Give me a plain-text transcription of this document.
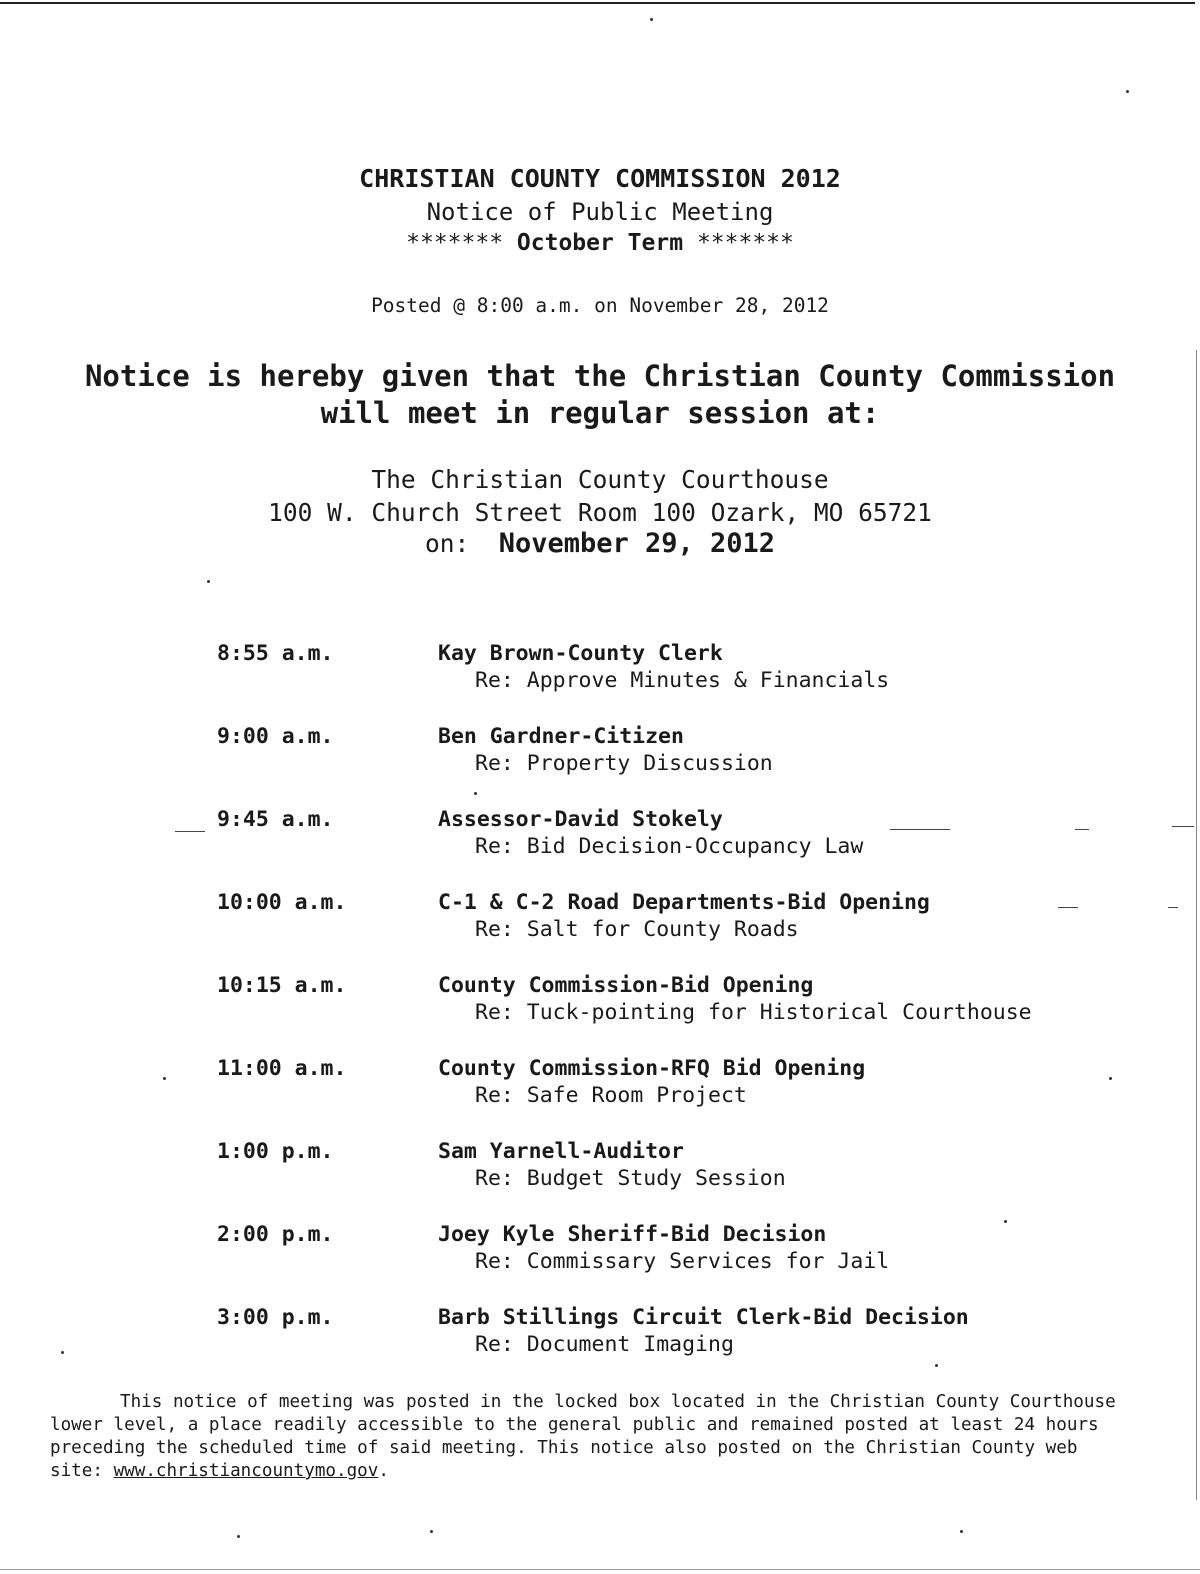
CHRISTIAN COUNTY COMMISSION 2012
Notice of Public Meeting
******* October Term *******
Posted @ 8:00 a.m. on November 28, 2012
Notice is hereby given that the Christian County Commission
will meet in regular session at:
The Christian County Courthouse
100 W. Church Street Room 100 Ozark, MO 65721
on: November 29, 2012
8:55 a.m.	Kay Brown-County Clerk
Re: Approve Minutes & Financials
9:00 a.m.	Ben Gardner-Citizen
Re: Property Discussion
9:45 a.m.	Assessor-David Stokely
Re: Bid Decision-Occupancy Law
10:00 a.m.	C-1 & C-2 Road Departments-Bid Opening
Re: Salt for County Roads
10:15 a.m.	County Commission-Bid Opening
Re: Tuck-pointing for Historical Courthouse
11:00 a.m.	County Commission-RFQ Bid Opening
Re: Safe Room Project
1:00 p.m.	Sam Yarnell-Auditor
Re: Budget Study Session
2:00 p.m.	Joey Kyle Sheriff-Bid Decision
Re: Commissary Services for Jail
3:00 p.m.	Barb Stillings Circuit Clerk-Bid Decision
Re: Document Imaging
This notice of meeting was posted in the locked box located in the Christian County Courthouse
lower level, a place readily accessible to the general public and remained posted at least 24 hours
preceding the scheduled time of said meeting. This notice also posted on the Christian County web
site: www.christiancountymo.gov.
